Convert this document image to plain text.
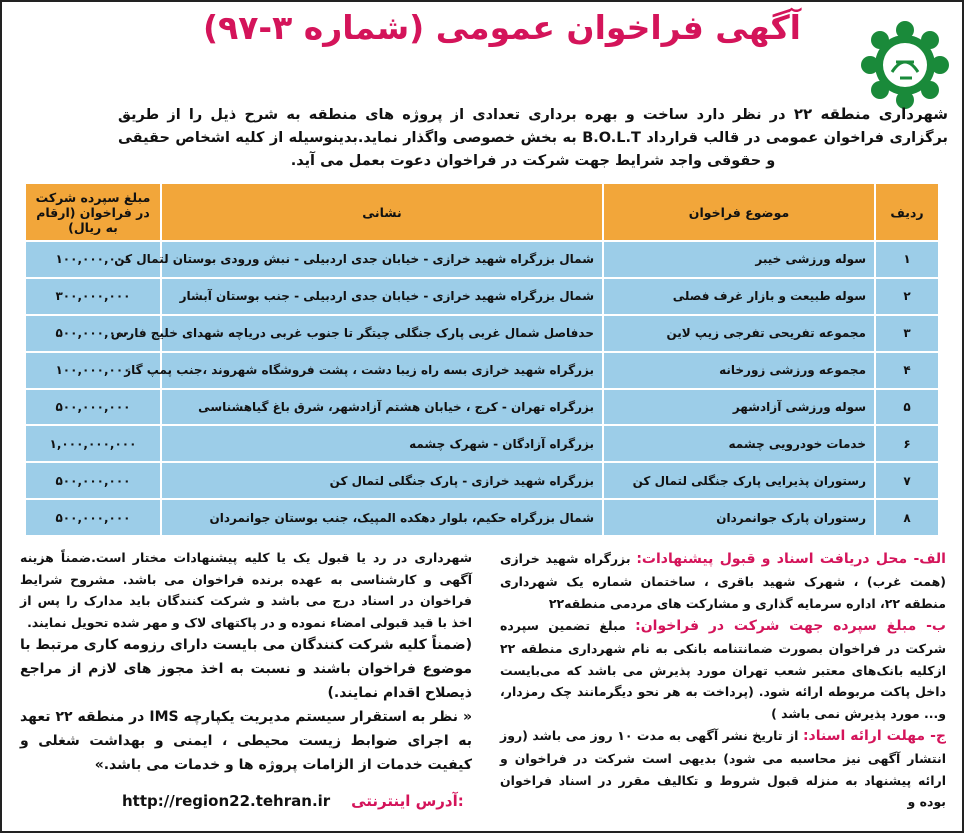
آگهی فراخوان عمومی (شماره ۳-۹۷)
شهرداری منطقه ۲۲ در نظر دارد ساخت و بهره برداری تعدادی از پروژه های منطقه به شرح ذیل را از طریق برگزاری فراخوان عمومی در قالب قرارداد B.O.L.T به بخش خصوصی واگذار نماید.بدینوسیله از کلیه اشخاص حقیقی و حقوقی واجد شرایط جهت شرکت در فراخوان دعوت بعمل می آید.
ردیف	موضوع فراخوان	نشانی	مبلغ سپرده شرکت در فراخوان (ارقام به ریال)
۱	سوله ورزشی خیبر	شمال بزرگراه شهید خرازی - خیابان جدی اردبیلی - نبش ورودی بوستان لتمال کن	۱۰۰,۰۰۰,۰۰۰
۲	سوله طبیعت و بازار غرف فصلی	شمال بزرگراه شهید خرازی - خیابان جدی اردبیلی - جنب بوستان آبشار	۳۰۰,۰۰۰,۰۰۰
۳	مجموعه تفریحی تفرجی زیپ لاین	حدفاصل شمال غربی پارک جنگلی چیتگر تا جنوب غربی دریاچه شهدای خلیج فارس	۵۰۰,۰۰۰,۰۰۰
۴	مجموعه ورزشی زورخانه	بزرگراه شهید خرازی بسه راه زیبا دشت ، پشت فروشگاه شهروند ،جنب پمپ گاز	۱۰۰,۰۰۰,۰۰۰
۵	سوله ورزشی آزادشهر	بزرگراه تهران - کرج ، خیابان هشتم آزادشهر، شرق باغ گیاهشناسی	۵۰۰,۰۰۰,۰۰۰
۶	خدمات خودرویی چشمه	بزرگراه آزادگان - شهرک چشمه	۱,۰۰۰,۰۰۰,۰۰۰
۷	رستوران پذیرایی پارک جنگلی لتمال کن	بزرگراه شهید خرازی - پارک جنگلی لتمال کن	۵۰۰,۰۰۰,۰۰۰
۸	رستوران پارک جوانمردان	شمال بزرگراه حکیم، بلوار دهکده المپیک، جنب بوستان جوانمردان	۵۰۰,۰۰۰,۰۰۰

الف- محل دریافت اسناد و قبول پیشنهادات: بزرگراه شهید خرازی (همت غرب) ، شهرک شهید باقری ، ساختمان شماره یک شهرداری منطقه ۲۲، اداره سرمایه گذاری و مشارکت های مردمی منطقه۲۲

ب- مبلغ سپرده جهت شرکت در فراخوان: مبلغ تضمین سپرده شرکت در فراخوان بصورت ضمانتنامه بانکی به نام شهرداری منطقه ۲۲ ازکلیه بانک‌های معتبر شعب تهران مورد پذیرش می باشد که می‌بایست داخل پاکت مربوطه ارائه شود. (پرداخت به هر نحو دیگرمانند چک رمزدار، و... مورد پذیرش نمی باشد )

ج- مهلت ارائه اسناد: از تاریخ نشر آگهی به مدت ۱۰ روز می باشد (روز انتشار آگهی نیز محاسبه می شود) بدیهی است شرکت در فراخوان و ارائه پیشنهاد به منزله قبول شروط و تکالیف مقرر در اسناد فراخوان بوده و

شهرداری در رد یا قبول یک یا کلیه پیشنهادات مختار است.ضمناً هزینه آگهی و کارشناسی به عهده برنده فراخوان می باشد. مشروح شرایط فراخوان در اسناد درج می باشد و شرکت کنندگان باید مدارک را پس از اخذ با قید قبولی امضاء نموده و در پاکتهای لاک و مهر شده تحویل نمایند.

(ضمناً کلیه شرکت کنندگان می بایست دارای رزومه کاری مرتبط با موضوع فراخوان باشند و نسبت به اخذ مجوز های لازم از مراجع ذیصلاح اقدام نمایند.)

« نظر به استقرار سیستم مدیریت یکپارچه IMS در منطقه ۲۲ تعهد به اجرای ضوابط زیست محیطی ، ایمنی و بهداشت شغلی و کیفیت خدمات از الزامات پروژه ها و خدمات می باشد.»

http://region22.tehran.ir آدرس اینترنتی:
